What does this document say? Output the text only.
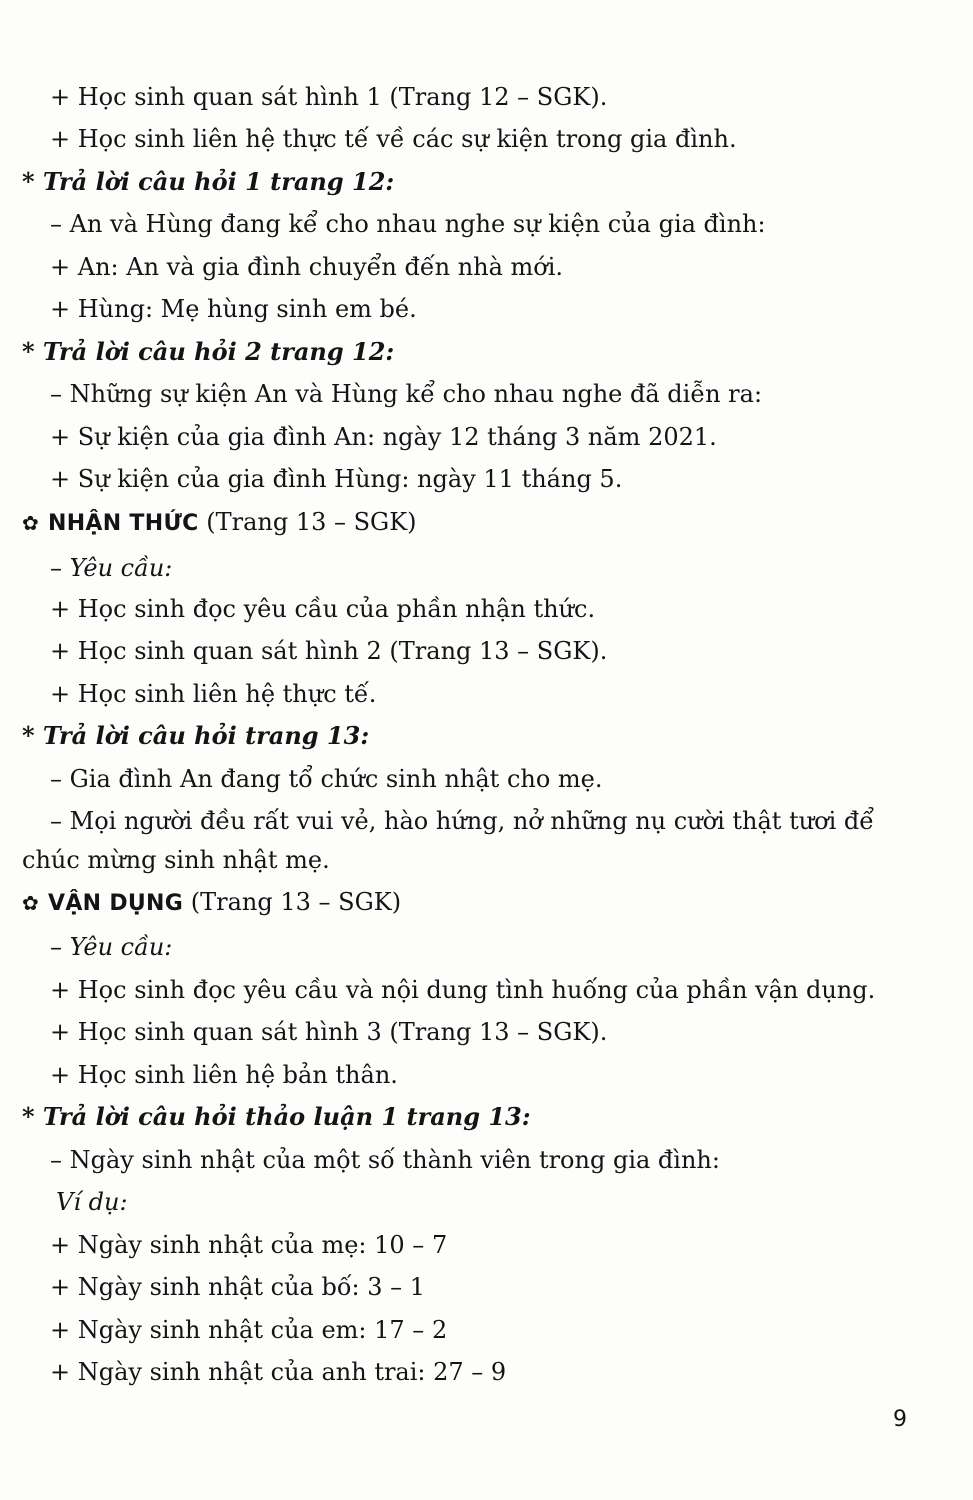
+ Học sinh quan sát hình 1 (Trang 12 – SGK).
+ Học sinh liên hệ thực tế về các sự kiện trong gia đình.
* Trả lời câu hỏi 1 trang 12:
– An và Hùng đang kể cho nhau nghe sự kiện của gia đình:
+ An: An và gia đình chuyển đến nhà mới.
+ Hùng: Mẹ hùng sinh em bé.
* Trả lời câu hỏi 2 trang 12:
– Những sự kiện An và Hùng kể cho nhau nghe đã diễn ra:
+ Sự kiện của gia đình An: ngày 12 tháng 3 năm 2021.
+ Sự kiện của gia đình Hùng: ngày 11 tháng 5.
✿ NHẬN THỨC (Trang 13 – SGK)
– Yêu cầu:
+ Học sinh đọc yêu cầu của phần nhận thức.
+ Học sinh quan sát hình 2 (Trang 13 – SGK).
+ Học sinh liên hệ thực tế.
* Trả lời câu hỏi trang 13:
– Gia đình An đang tổ chức sinh nhật cho mẹ.
– Mọi người đều rất vui vẻ, hào hứng, nở những nụ cười thật tươi để
chúc mừng sinh nhật mẹ.
✿ VẬN DỤNG (Trang 13 – SGK)
– Yêu cầu:
+ Học sinh đọc yêu cầu và nội dung tình huống của phần vận dụng.
+ Học sinh quan sát hình 3 (Trang 13 – SGK).
+ Học sinh liên hệ bản thân.
* Trả lời câu hỏi thảo luận 1 trang 13:
– Ngày sinh nhật của một số thành viên trong gia đình:
Ví dụ:
+ Ngày sinh nhật của mẹ: 10 – 7
+ Ngày sinh nhật của bố: 3 – 1
+ Ngày sinh nhật của em: 17 – 2
+ Ngày sinh nhật của anh trai: 27 – 9
9
